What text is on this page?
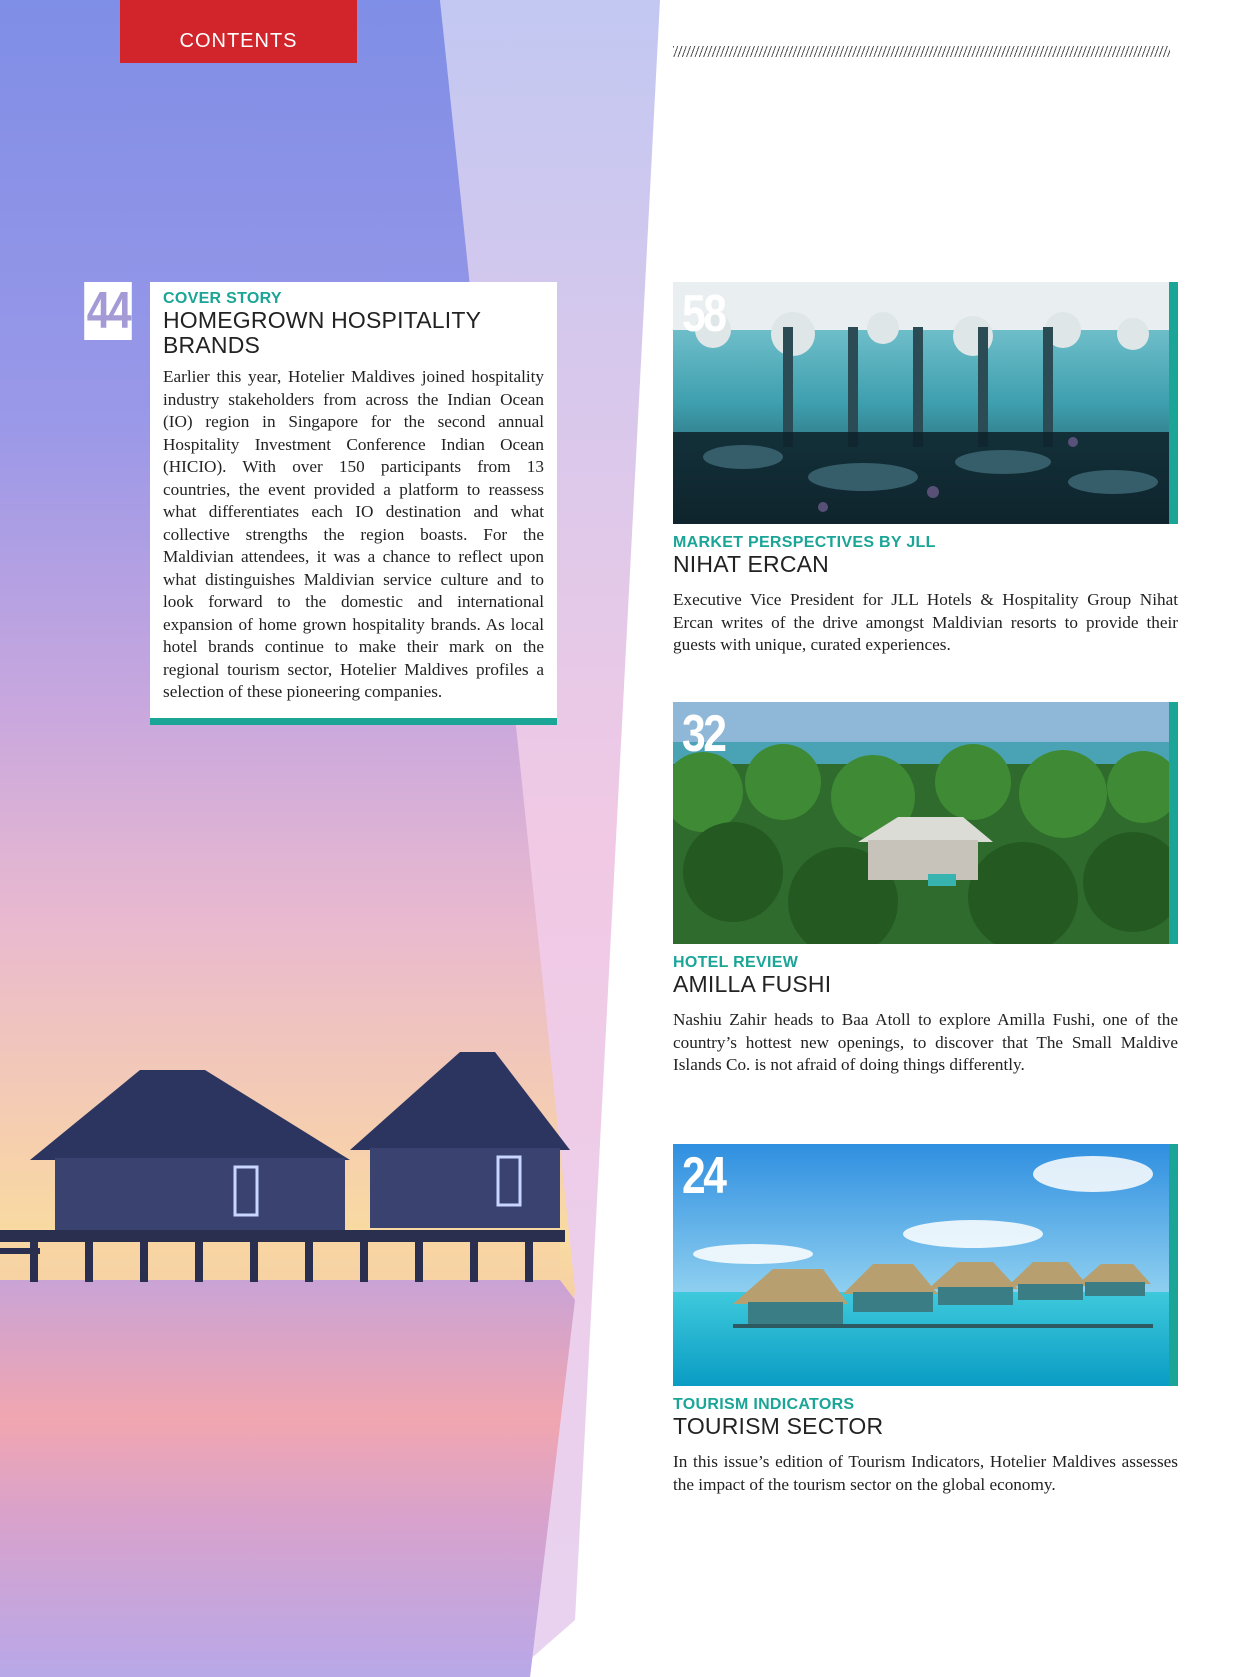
CONTENTS
44 COVER STORY

HOMEGROWN HOSPITALITY BRANDS

Earlier this year, Hotelier Maldives joined hospitality industry stakeholders from across the Indian Ocean (IO) region in Singapore for the second annual Hospitality Investment Conference Indian Ocean (HICIO). With over 150 participants from 13 countries, the event provided a platform to reassess what differentiates each IO destination and what collective strengths the region boasts. For the Maldivian attendees, it was a chance to reflect upon what distinguishes Maldivian service culture and to look forward to the domestic and international expansion of home grown hospitality brands. As local hotel brands continue to make their mark on the regional tourism sector, Hotelier Maldives profiles a selection of these pioneering companies.

58

MARKET PERSPECTIVES BY JLL

NIHAT ERCAN

Executive Vice President for JLL Hotels & Hospitality Group Nihat Ercan writes of the drive amongst Maldivian resorts to provide their guests with unique, curated experiences.

32

HOTEL REVIEW

AMILLA FUSHI

Nashiu Zahir heads to Baa Atoll to explore Amilla Fushi, one of the country’s hottest new openings, to discover that The Small Maldive Islands Co. is not afraid of doing things differently.

24

TOURISM INDICATORS

TOURISM SECTOR

In this issue’s edition of Tourism Indicators, Hotelier Maldives assesses the impact of the tourism sector on the global economy.
